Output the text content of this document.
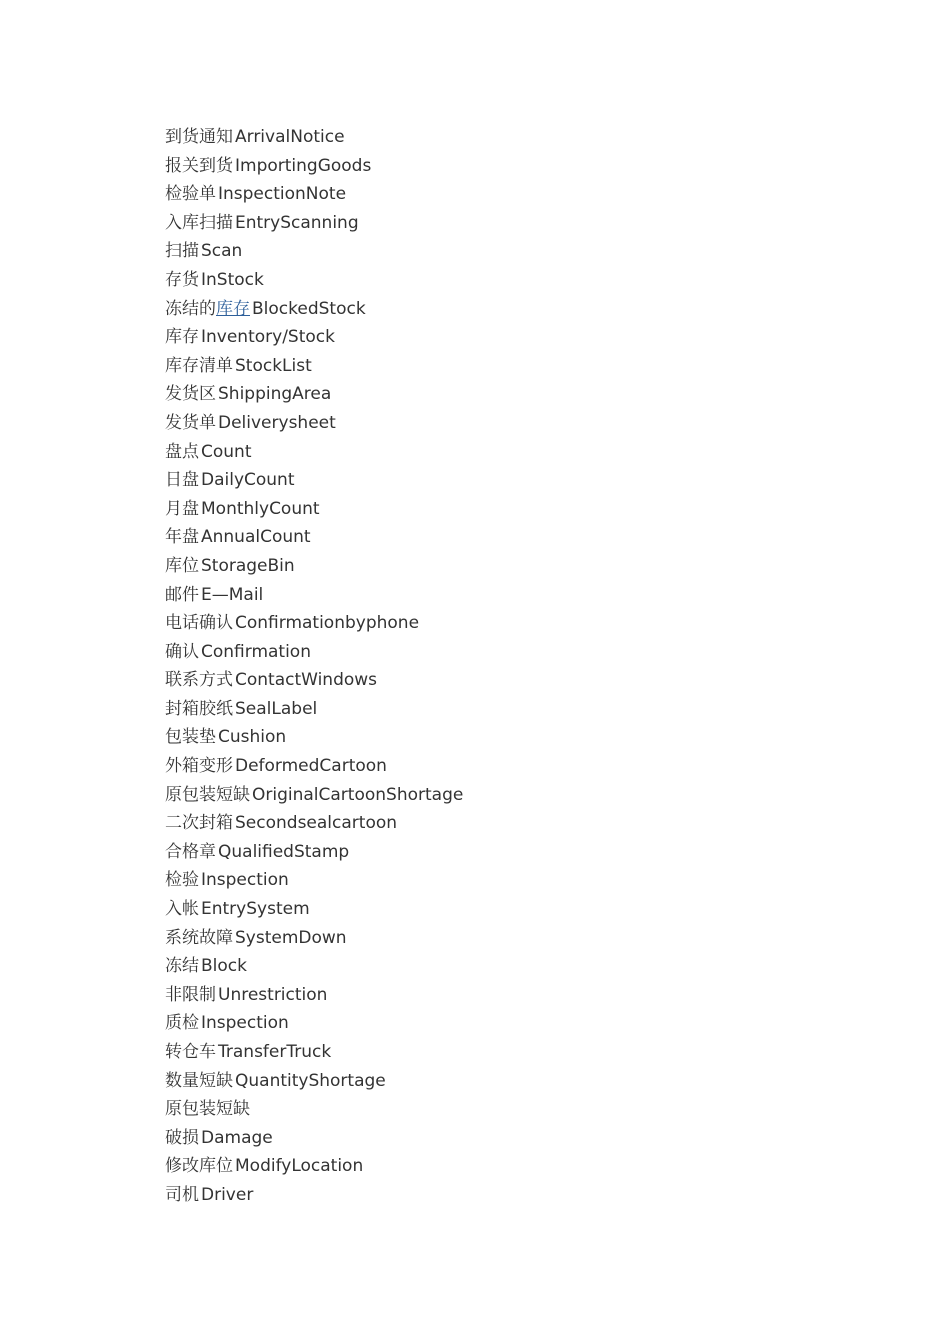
到货通知 ArrivalNotice
报关到货 ImportingGoods
检验单 InspectionNote
入库扫描 EntryScanning
扫描 Scan
存货 InStock
冻结的库存 BlockedStock
库存 Inventory/Stock
库存清单 StockList
发货区 ShippingArea
发货单 Deliverysheet
盘点 Count
日盘 DailyCount
月盘 MonthlyCount
年盘 AnnualCount
库位 StorageBin
邮件 E—Mail
电话确认 Confirmationbyphone
确认 Confirmation
联系方式 ContactWindows
封箱胶纸 SealLabel
包装垫 Cushion
外箱变形 DeformedCartoon
原包装短缺 OriginalCartoonShortage
二次封箱 Secondsealcartoon
合格章 QualifiedStamp
检验 Inspection
入帐 EntrySystem
系统故障 SystemDown
冻结 Block
非限制 Unrestriction
质检 Inspection
转仓车 TransferTruck
数量短缺 QuantityShortage
原包装短缺
破损 Damage
修改库位 ModifyLocation
司机 Driver
